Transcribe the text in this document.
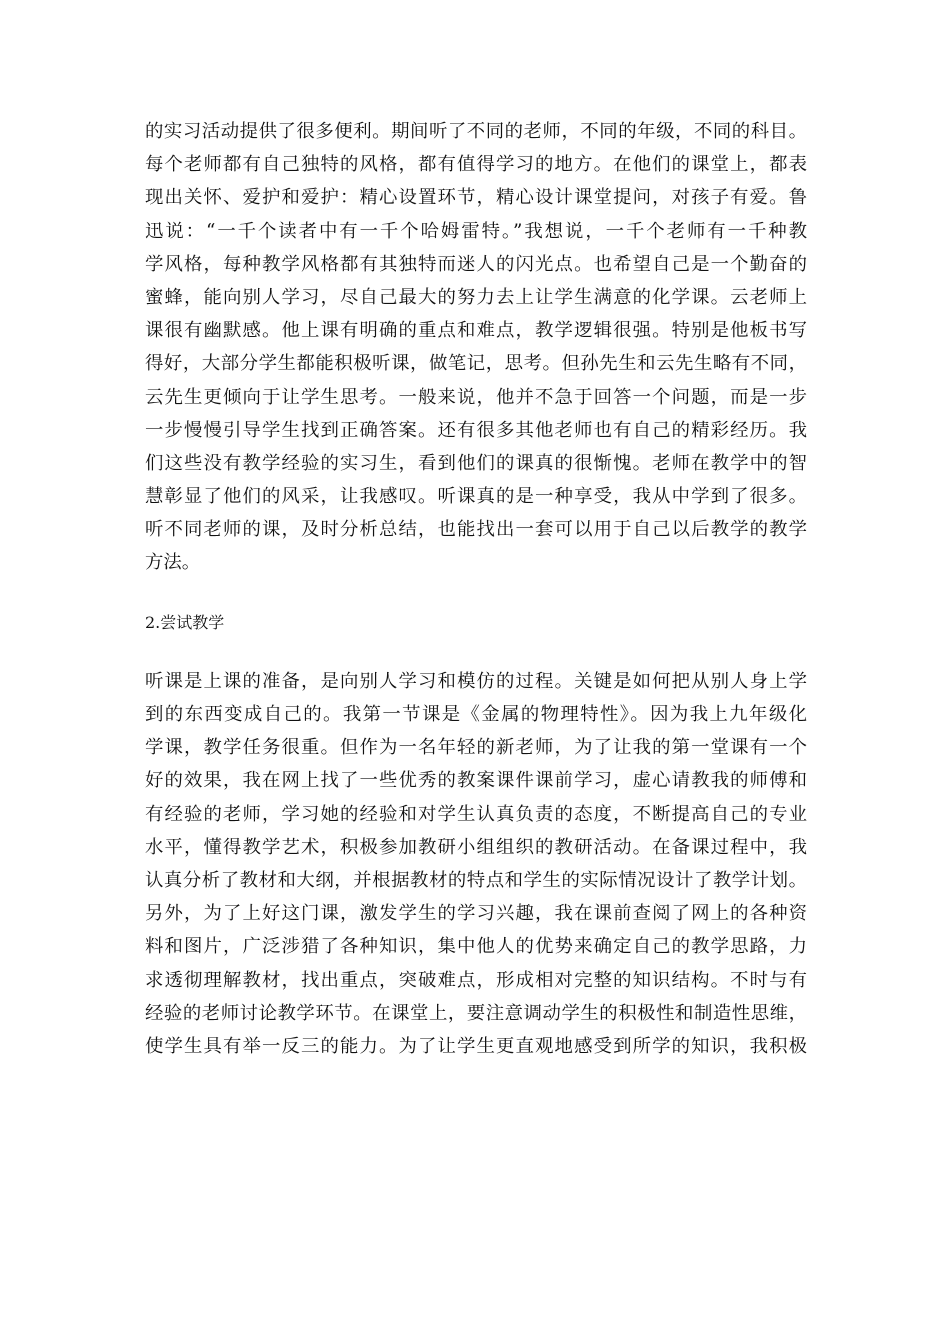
的实习活动提供了很多便利。期间听了不同的老师，不同的年级，不同的科目。
每个老师都有自己独特的风格，都有值得学习的地方。在他们的课堂上，都表
现出关怀、爱护和爱护：精心设置环节，精心设计课堂提问，对孩子有爱。鲁
迅说：“一千个读者中有一千个哈姆雷特。”我想说，一千个老师有一千种教
学风格，每种教学风格都有其独特而迷人的闪光点。也希望自己是一个勤奋的
蜜蜂，能向别人学习，尽自己最大的努力去上让学生满意的化学课。云老师上
课很有幽默感。他上课有明确的重点和难点，教学逻辑很强。特别是他板书写
得好，大部分学生都能积极听课，做笔记，思考。但孙先生和云先生略有不同，
云先生更倾向于让学生思考。一般来说，他并不急于回答一个问题，而是一步
一步慢慢引导学生找到正确答案。还有很多其他老师也有自己的精彩经历。我
们这些没有教学经验的实习生，看到他们的课真的很惭愧。老师在教学中的智
慧彰显了他们的风采，让我感叹。听课真的是一种享受，我从中学到了很多。
听不同老师的课，及时分析总结，也能找出一套可以用于自己以后教学的教学
方法。
2.尝试教学
听课是上课的准备，是向别人学习和模仿的过程。关键是如何把从别人身上学
到的东西变成自己的。我第一节课是《金属的物理特性》。因为我上九年级化
学课，教学任务很重。但作为一名年轻的新老师，为了让我的第一堂课有一个
好的效果，我在网上找了一些优秀的教案课件课前学习，虚心请教我的师傅和
有经验的老师，学习她的经验和对学生认真负责的态度，不断提高自己的专业
水平，懂得教学艺术，积极参加教研小组组织的教研活动。在备课过程中，我
认真分析了教材和大纲，并根据教材的特点和学生的实际情况设计了教学计划。
另外，为了上好这门课，激发学生的学习兴趣，我在课前查阅了网上的各种资
料和图片，广泛涉猎了各种知识，集中他人的优势来确定自己的教学思路，力
求透彻理解教材，找出重点，突破难点，形成相对完整的知识结构。不时与有
经验的老师讨论教学环节。在课堂上，要注意调动学生的积极性和制造性思维，
使学生具有举一反三的能力。为了让学生更直观地感受到所学的知识，我积极
